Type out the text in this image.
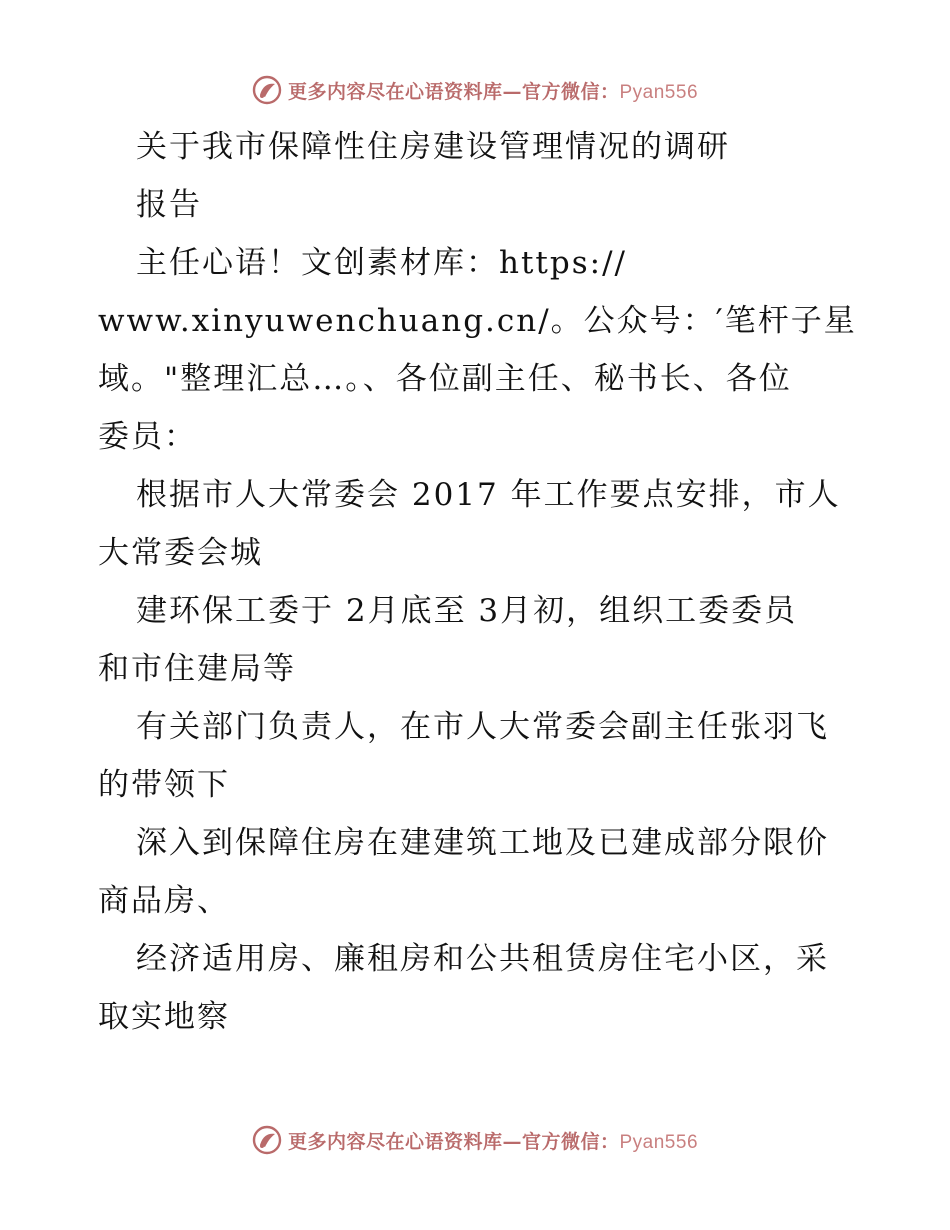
更多内容尽在心语资料库—官方微信：Pyan556
关于我市保障性住房建设管理情况的调研
报告
主任心语！文创素材库：https://
www.xinyuwenchuang.cn/。公众号：′笔杆子星
域。"整理汇总…。、各位副主任、秘书长、各位
委员：
根据市人大常委会 2017 年工作要点安排，市人
大常委会城
建环保工委于 2月底至 3月初，组织工委委员
和市住建局等
有关部门负责人，在市人大常委会副主任张羽飞
的带领下
深入到保障住房在建建筑工地及已建成部分限价
商品房、
经济适用房、廉租房和公共租赁房住宅小区，采
取实地察
更多内容尽在心语资料库—官方微信：Pyan556
